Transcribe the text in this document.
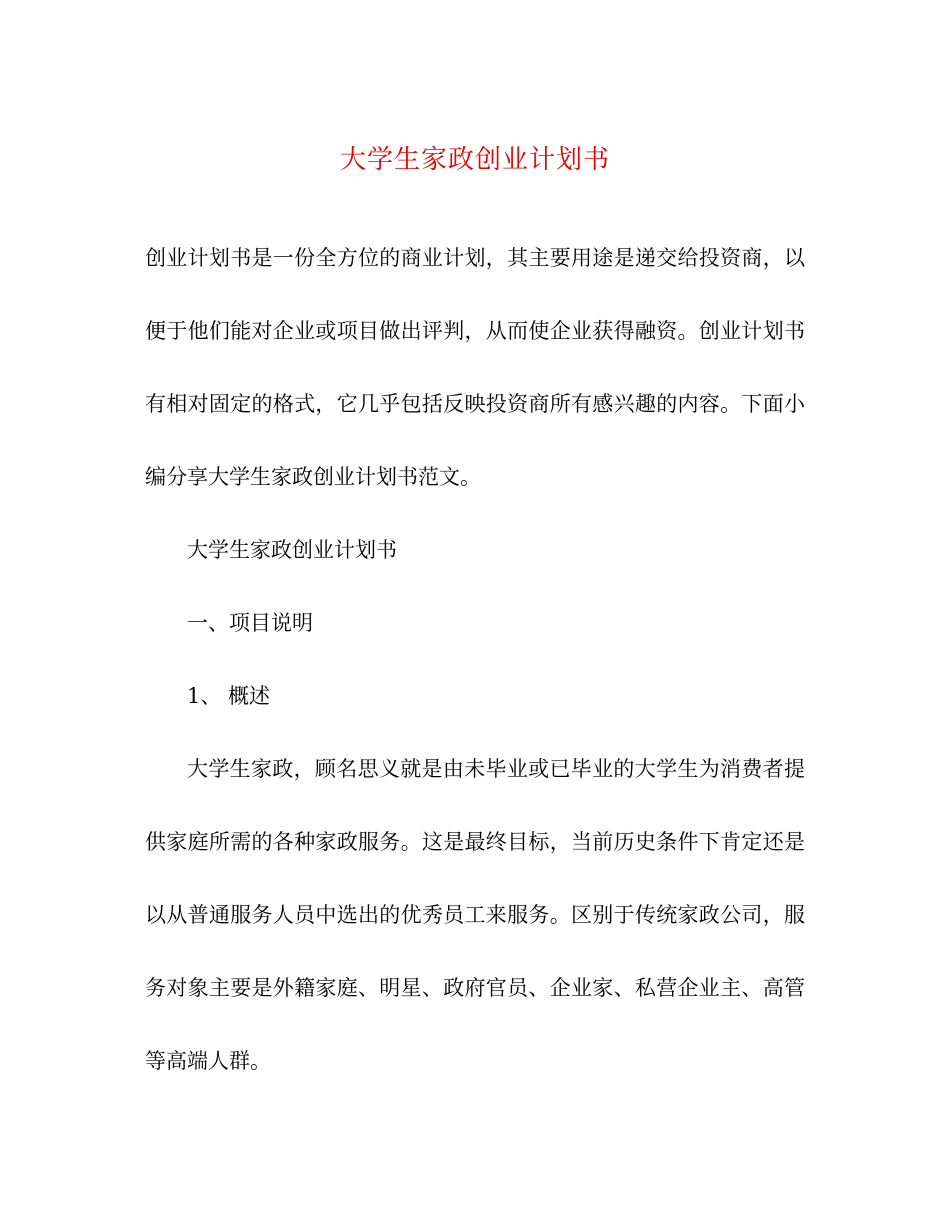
大学生家政创业计划书

创业计划书是一份全方位的商业计划，其主要用途是递交给投资商，以便于他们能对企业或项目做出评判，从而使企业获得融资。创业计划书有相对固定的格式，它几乎包括反映投资商所有感兴趣的内容。下面小编分享大学生家政创业计划书范文。

大学生家政创业计划书

一、项目说明

1、 概述

大学生家政，顾名思义就是由未毕业或已毕业的大学生为消费者提供家庭所需的各种家政服务。这是最终目标，当前历史条件下肯定还是以从普通服务人员中选出的优秀员工来服务。区别于传统家政公司，服务对象主要是外籍家庭、明星、政府官员、企业家、私营企业主、高管等高端人群。
